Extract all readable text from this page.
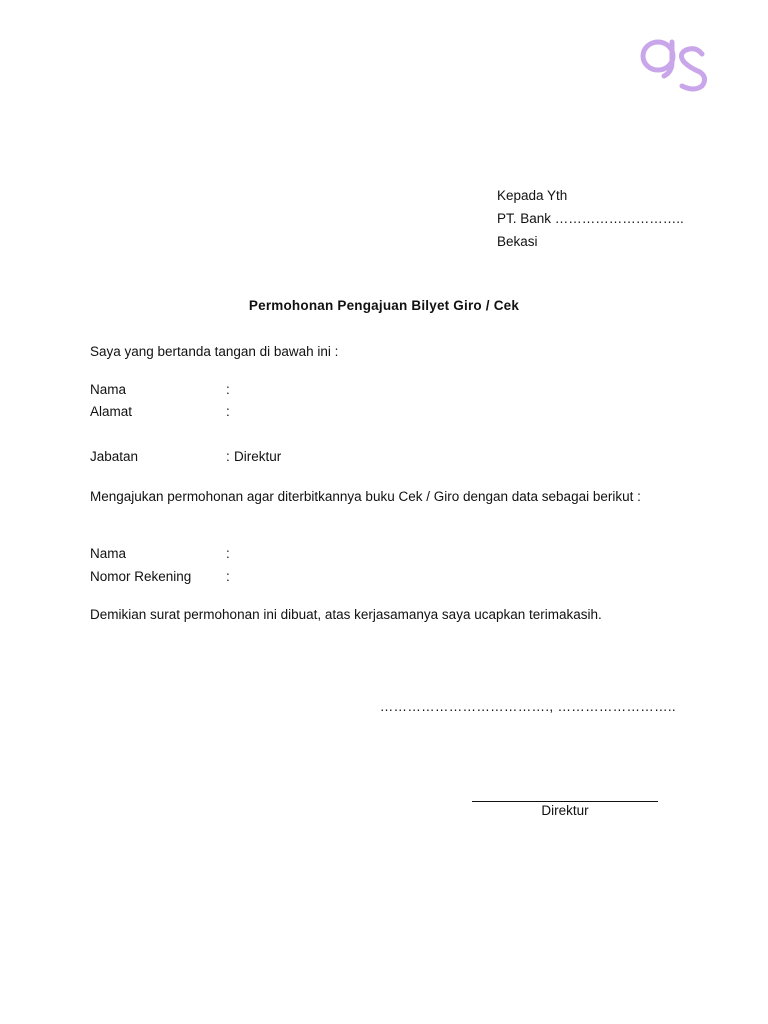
Kepada Yth
PT. Bank ………………………..
Bekasi
Permohonan Pengajuan Bilyet Giro / Cek
Saya yang bertanda tangan di bawah ini :
Nama	:
Alamat	:
Jabatan	: Direktur
Mengajukan permohonan agar diterbitkannya buku Cek / Giro dengan data sebagai berikut :
Nama	:
Nomor Rekening	:
Demikian surat permohonan ini dibuat, atas kerjasamanya saya ucapkan terimakasih.
………………………………., ……………………..
Direktur
